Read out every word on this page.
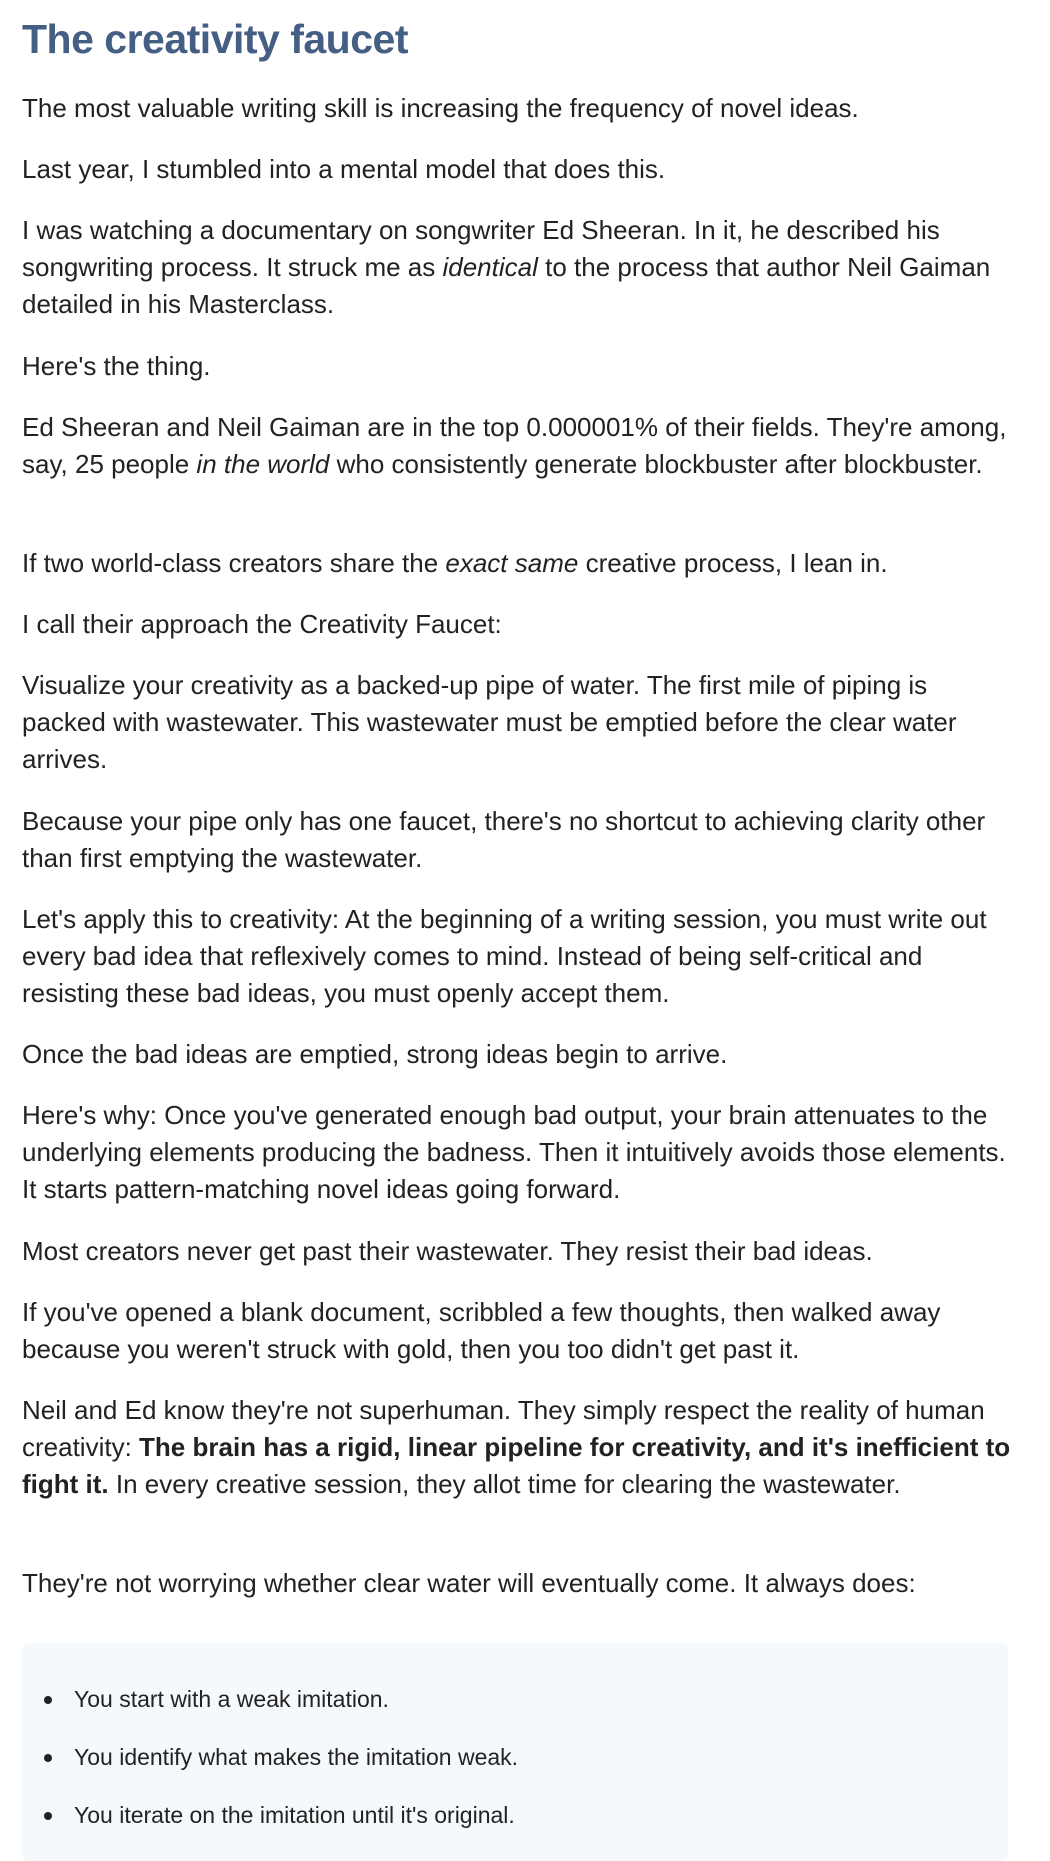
The creativity faucet

The most valuable writing skill is increasing the frequency of novel ideas.

Last year, I stumbled into a mental model that does this.

I was watching a documentary on songwriter Ed Sheeran. In it, he described his songwriting process. It struck me as identical to the process that author Neil Gaiman detailed in his Masterclass.

Here's the thing.

Ed Sheeran and Neil Gaiman are in the top 0.000001% of their fields. They're among, say, 25 people in the world who consistently generate blockbuster after blockbuster.

If two world-class creators share the exact same creative process, I lean in.

I call their approach the Creativity Faucet:

Visualize your creativity as a backed-up pipe of water. The first mile of piping is packed with wastewater. This wastewater must be emptied before the clear water arrives.

Because your pipe only has one faucet, there's no shortcut to achieving clarity other than first emptying the wastewater.

Let's apply this to creativity: At the beginning of a writing session, you must write out every bad idea that reflexively comes to mind. Instead of being self-critical and resisting these bad ideas, you must openly accept them.

Once the bad ideas are emptied, strong ideas begin to arrive.

Here's why: Once you've generated enough bad output, your brain attenuates to the underlying elements producing the badness. Then it intuitively avoids those elements. It starts pattern-matching novel ideas going forward.

Most creators never get past their wastewater. They resist their bad ideas.

If you've opened a blank document, scribbled a few thoughts, then walked away because you weren't struck with gold, then you too didn't get past it.

Neil and Ed know they're not superhuman. They simply respect the reality of human creativity: The brain has a rigid, linear pipeline for creativity, and it's inefficient to fight it. In every creative session, they allot time for clearing the wastewater.

They're not worrying whether clear water will eventually come. It always does:

You start with a weak imitation.
You identify what makes the imitation weak.
You iterate on the imitation until it's original.
